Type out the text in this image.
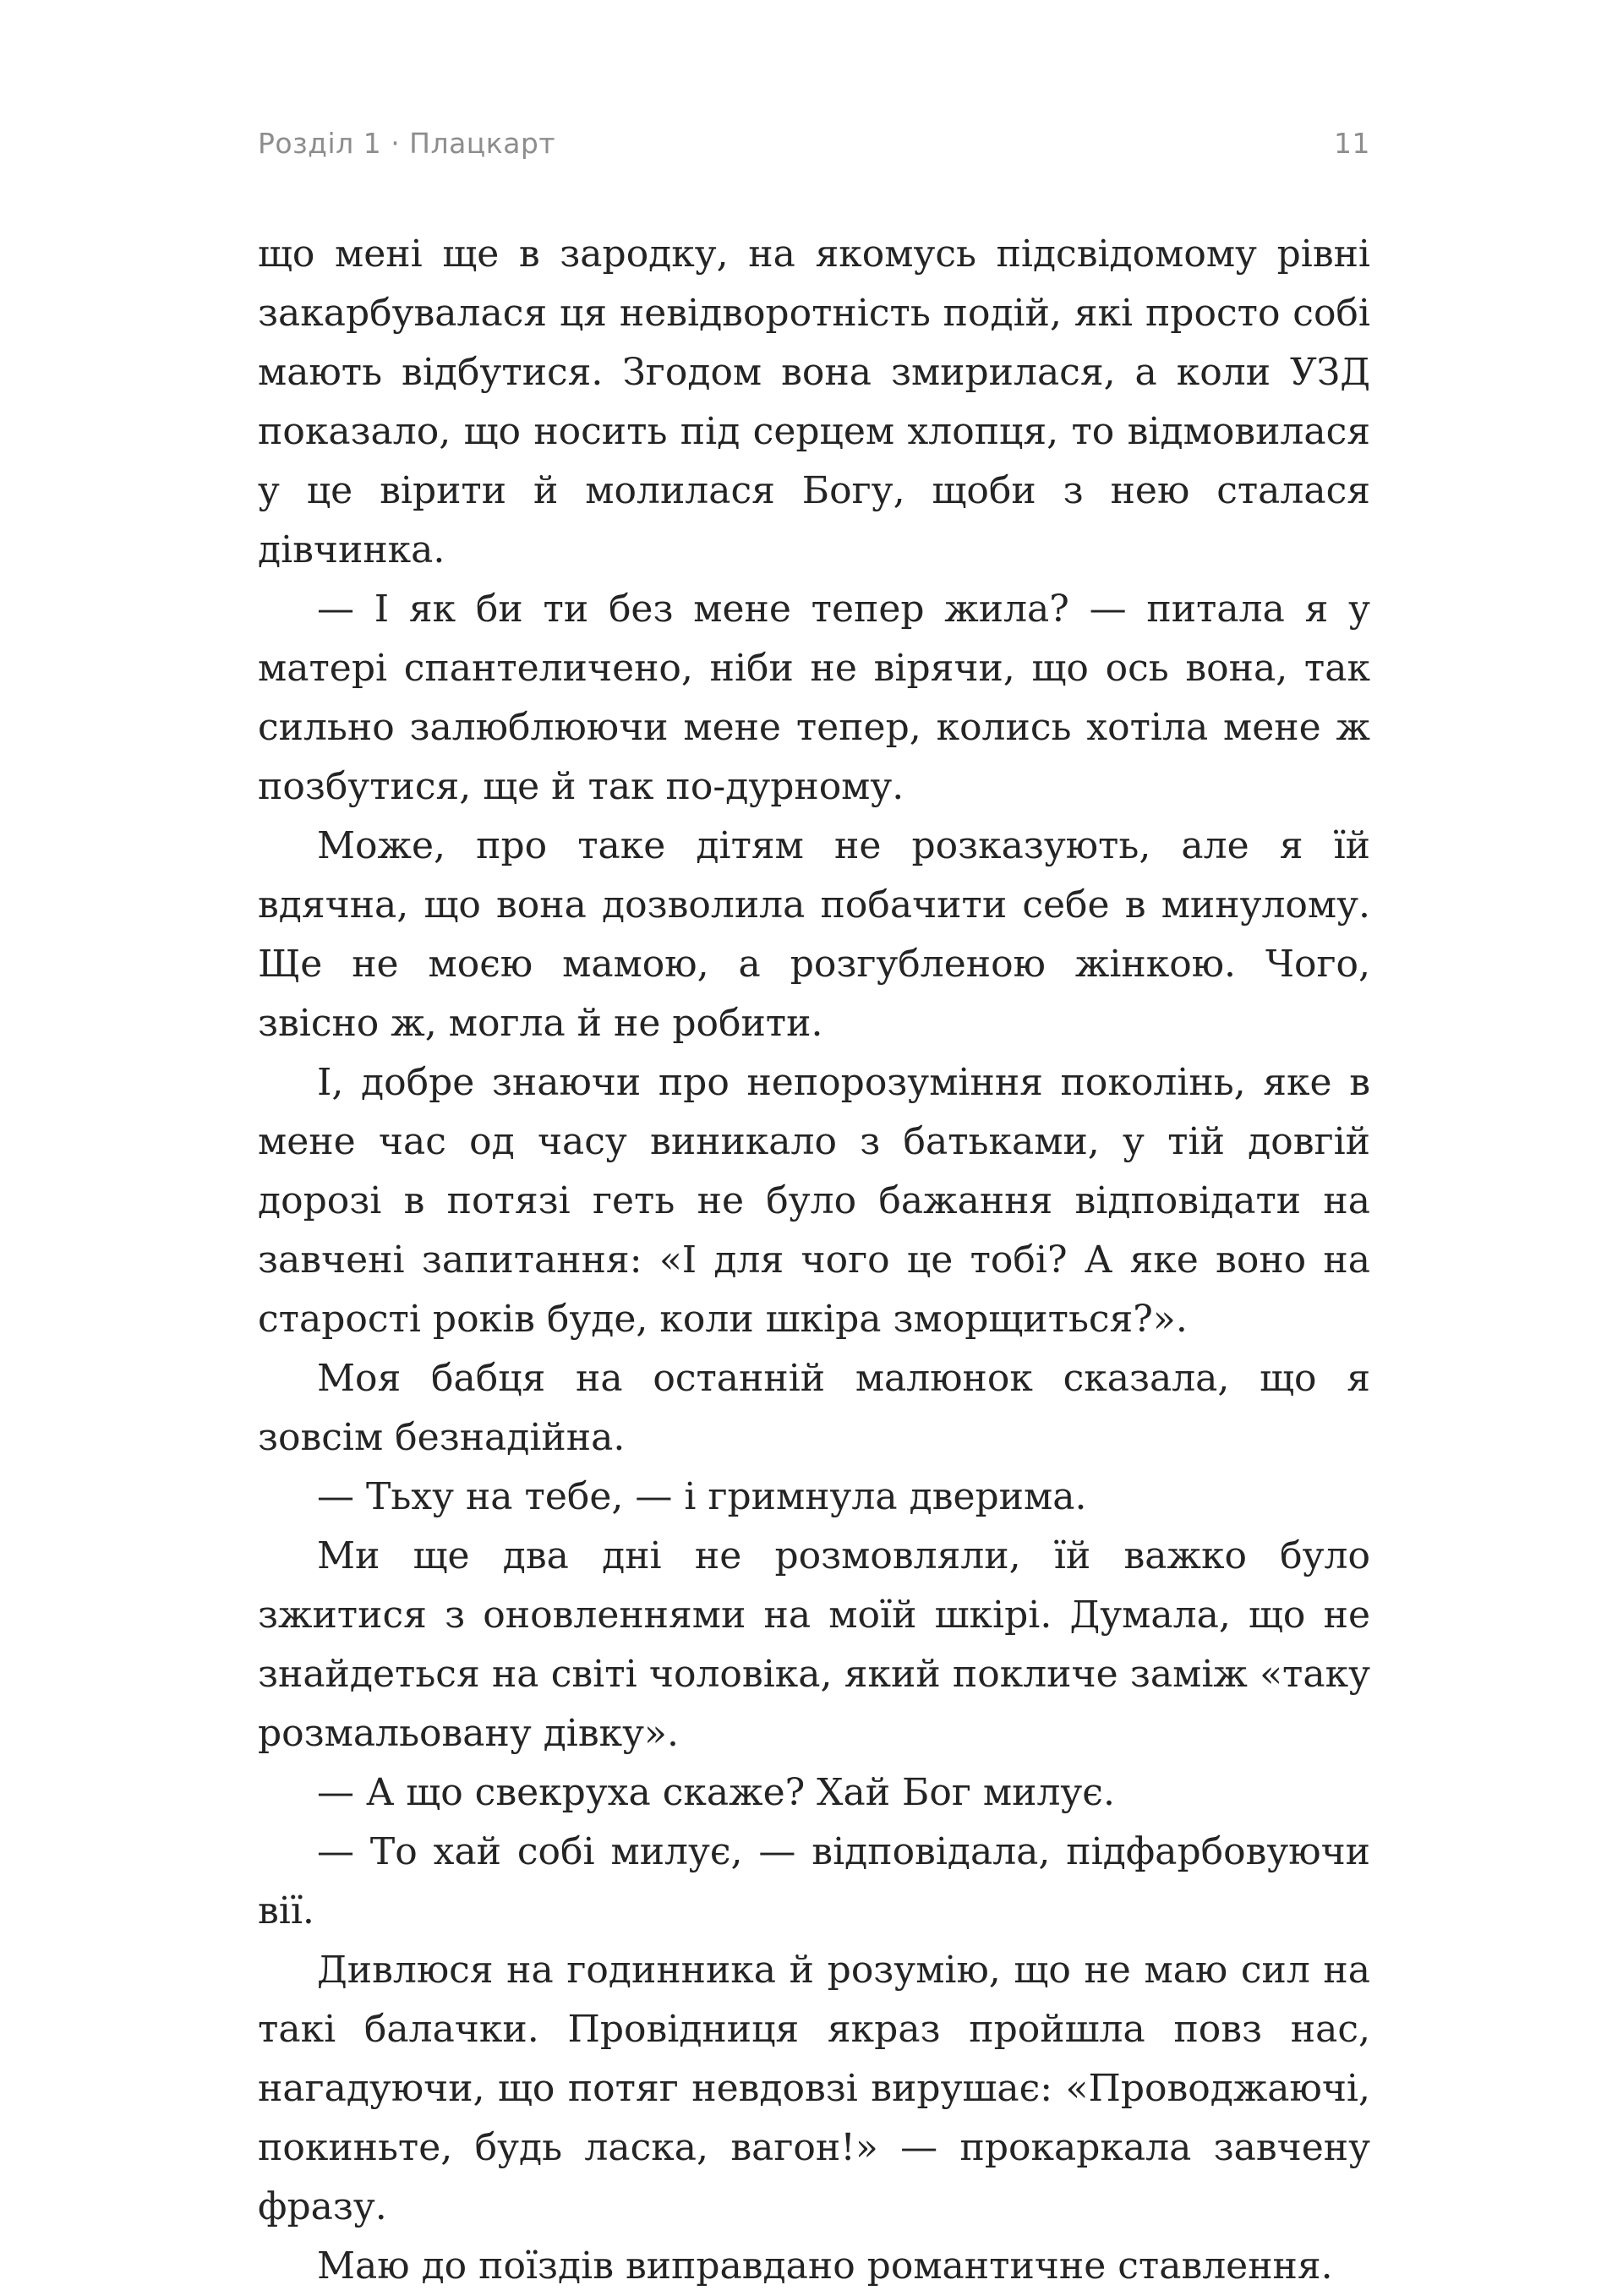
Розділ 1 · Плацкарт	11

що мені ще в зародку, на якомусь підсвідомому рівні закарбувалася ця невідворотність подій, які просто собі мають відбутися. Згодом вона змирилася, а коли УЗД показало, що носить під серцем хлопця, то відмовилася у це вірити й молилася Богу, щоби з нею сталася дівчинка.

— І як би ти без мене тепер жила? — питала я у матері спантеличено, ніби не вірячи, що ось вона, так сильно залюблюючи мене тепер, колись хотіла мене ж позбутися, ще й так по-дурному.

Може, про таке дітям не розказують, але я їй вдячна, що вона дозволила побачити себе в минулому. Ще не моєю мамою, а розгубленою жінкою. Чого, звісно ж, могла й не робити.

І, добре знаючи про непорозуміння поколінь, яке в мене час од часу виникало з батьками, у тій довгій дорозі в потязі геть не було бажання відповідати на завчені запитання: «І для чого це тобі? А яке воно на старості років буде, коли шкіра зморщиться?».

Моя бабця на останній малюнок сказала, що я зовсім безнадійна.

— Тьху на тебе, — і гримнула дверима.

Ми ще два дні не розмовляли, їй важко було зжитися з оновленнями на моїй шкірі. Думала, що не знайдеться на світі чоловіка, який покличе заміж «таку розмальовану дівку».

— А що свекруха скаже? Хай Бог милує.

— То хай собі милує, — відповідала, підфарбовуючи вії.

Дивлюся на годинника й розумію, що не маю сил на такі балачки. Провідниця якраз пройшла повз нас, нагадуючи, що потяг невдовзі вирушає: «Проводжаючі, покиньте, будь ласка, вагон!» — прокаркала завчену фразу.

Маю до поїздів виправдано романтичне ставлення.
